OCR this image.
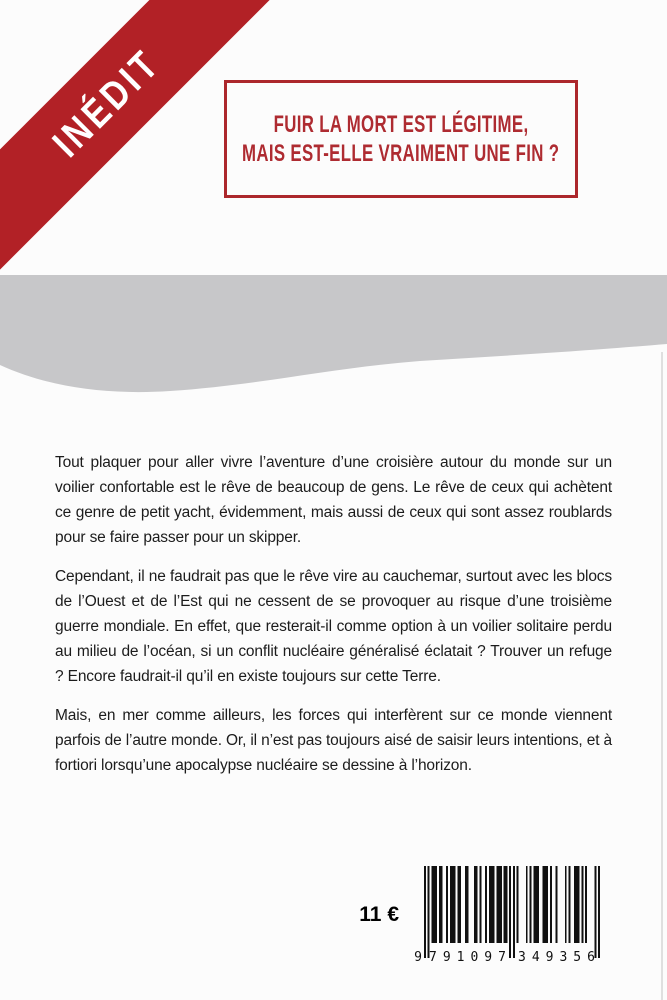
INÉDIT	FUIR LA MORT EST LÉGITIME,
MAIS EST-ELLE VRAIMENT UNE FIN ?

Tout plaquer pour aller vivre l’aventure d’une croisière autour du monde sur un voilier confortable est le rêve de beaucoup de gens. Le rêve de ceux qui achètent ce genre de petit yacht, évidemment, mais aussi de ceux qui sont assez roublards pour se faire passer pour un skipper.

Cependant, il ne faudrait pas que le rêve vire au cauchemar, surtout avec les blocs de l’Ouest et de l’Est qui ne cessent de se provoquer au risque d’une troisième guerre mondiale. En effet, que resterait-il comme option à un voilier solitaire perdu au milieu de l’océan, si un conflit nucléaire généralisé éclatait ? Trouver un refuge ? Encore faudrait-il qu’il en existe toujours sur cette Terre.

Mais, en mer comme ailleurs, les forces qui interfèrent sur ce monde viennent parfois de l’autre monde. Or, il n’est pas toujours aisé de saisir leurs intentions, et à fortiori lorsqu’une apocalypse nucléaire se dessine à l’horizon.

11 €
9 791097 349356
